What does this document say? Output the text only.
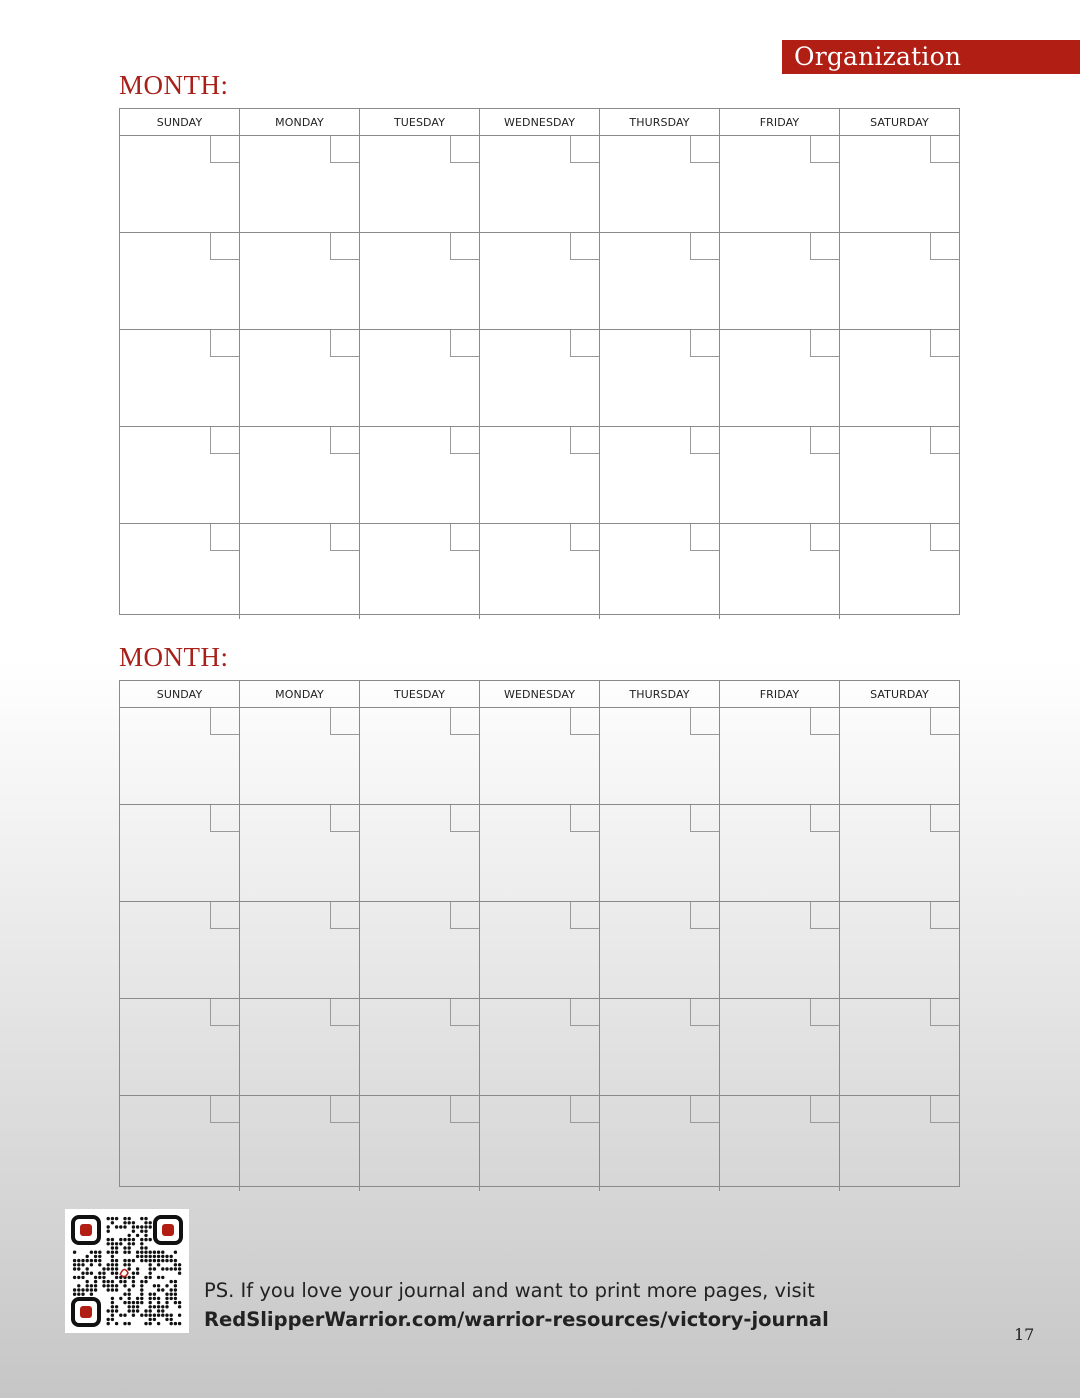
Organization
MONTH:
SUNDAY	MONDAY	TUESDAY	WEDNESDAY	THURSDAY	FRIDAY	SATURDAY
MONTH:
SUNDAY	MONDAY	TUESDAY	WEDNESDAY	THURSDAY	FRIDAY	SATURDAY
PS. If you love your journal and want to print more pages, visit
RedSlipperWarrior.com/warrior-resources/victory-journal
17
